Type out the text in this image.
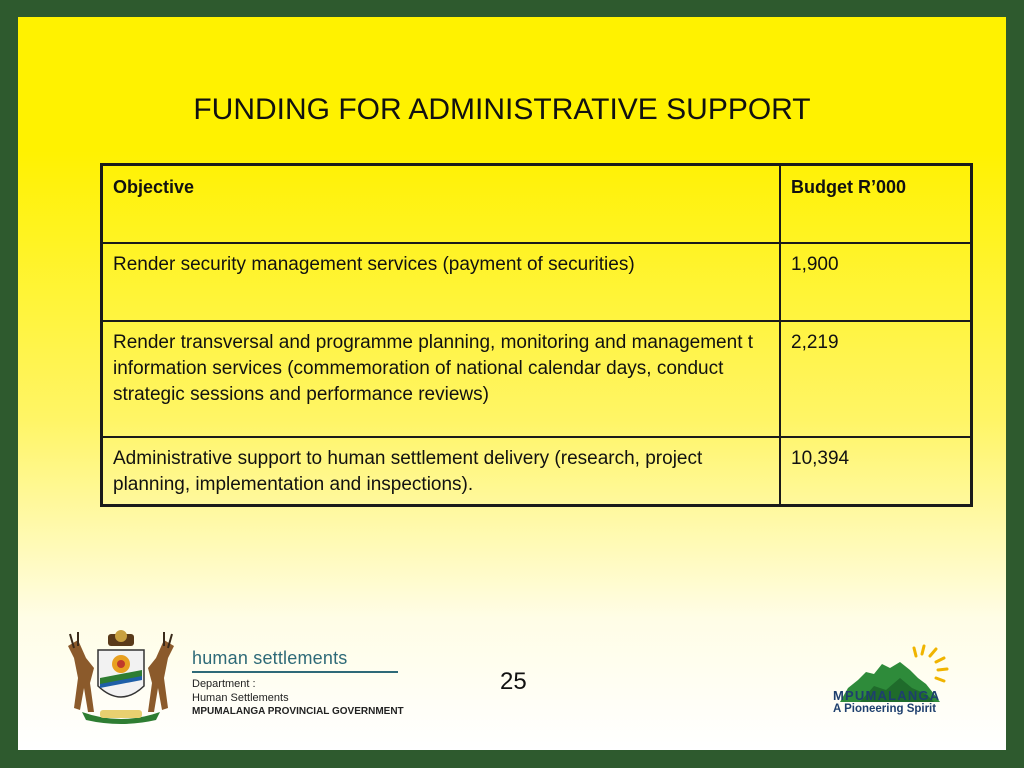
FUNDING FOR ADMINISTRATIVE SUPPORT
Objective	Budget R’000
Render security management services (payment of securities)	1,900
Render transversal and programme planning, monitoring and management t information services (commemoration of national calendar days, conduct strategic sessions and performance reviews)	2,219
Administrative support to human settlement delivery (research, project planning, implementation and inspections).	10,394
human settlements
Department :
Human Settlements
MPUMALANGA PROVINCIAL GOVERNMENT
25
MPUMALANGA
A Pioneering Spirit
